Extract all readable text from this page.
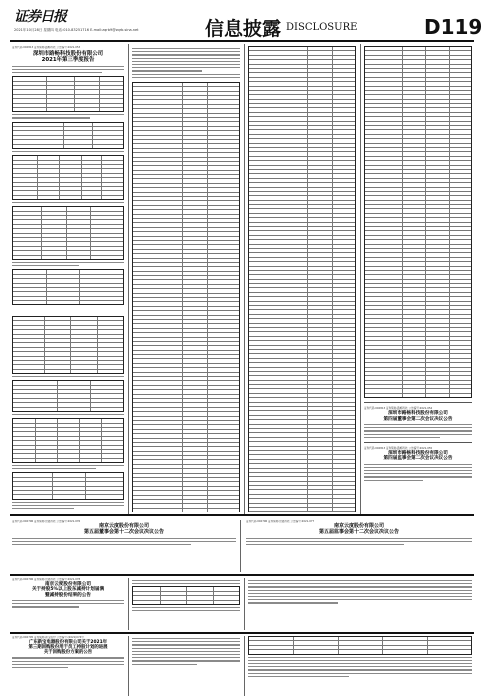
证券日报
2021年10月28日 星期四 电话:010-83251716 E-mail:zqrb9@zqrb.sina.net	信息披露 DISCLOSURE	D119
证券代码:002813 证券简称:路畅科技 公告编号:2021-053
深圳市路畅科技股份有限公司
2021年第三季度报告
证券代码:002813 证券简称:路畅科技 公告编号:2021-054
深圳市路畅科技股份有限公司
第四届董事会第二次会议决议公告
证券代码:002813 证券简称:路畅科技 公告编号:2021-055
深圳市路畅科技股份有限公司
第四届监事会第二次会议决议公告
证券代码:002796 证券简称:世嘉科技 公告编号:2021-076
南京云度股份有限公司
第五届董事会第十二次会议决议公告
证券代码:002796 证券简称:世嘉科技 公告编号:2021-077
南京云度股份有限公司
第五届监事会第十二次会议决议公告
证券代码:002796 证券简称:世嘉科技 公告编号:2021-078
南京云度股份有限公司
关于持股5%以上股东减持计划届满
暨减持股份结果的公告
证券代码:002705 证券简称:新宝股份 公告编号:(2021)074号
广东新宝电器股份有限公司关于2021年
第三期回购股份用于员工持股计划的进展
关于回购股份方案的公告
